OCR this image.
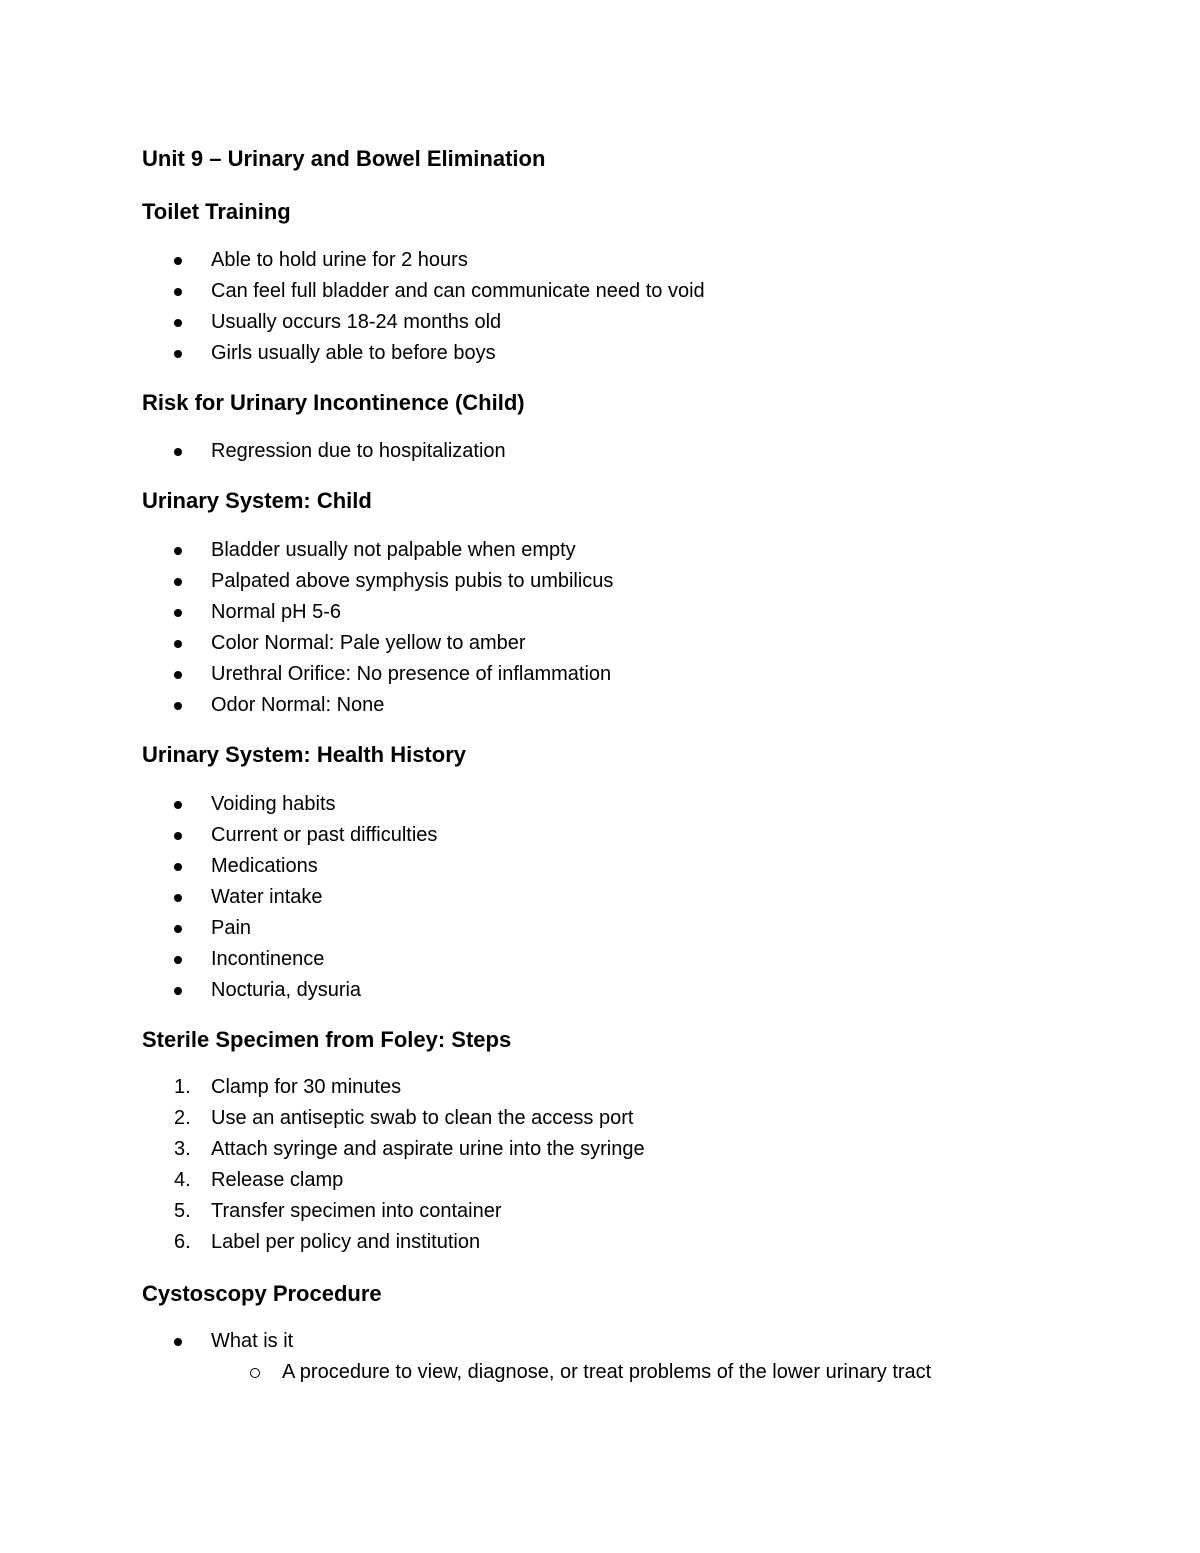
Unit 9 – Urinary and Bowel Elimination
Toilet Training
Able to hold urine for 2 hours
Can feel full bladder and can communicate need to void
Usually occurs 18-24 months old
Girls usually able to before boys
Risk for Urinary Incontinence (Child)
Regression due to hospitalization
Urinary System: Child
Bladder usually not palpable when empty
Palpated above symphysis pubis to umbilicus
Normal pH 5-6
Color Normal: Pale yellow to amber
Urethral Orifice: No presence of inflammation
Odor Normal: None
Urinary System: Health History
Voiding habits
Current or past difficulties
Medications
Water intake
Pain
Incontinence
Nocturia, dysuria
Sterile Specimen from Foley: Steps
1.	Clamp for 30 minutes
2.	Use an antiseptic swab to clean the access port
3.	Attach syringe and aspirate urine into the syringe
4.	Release clamp
5.	Transfer specimen into container
6.	Label per policy and institution
Cystoscopy Procedure
What is it
A procedure to view, diagnose, or treat problems of the lower urinary tract
